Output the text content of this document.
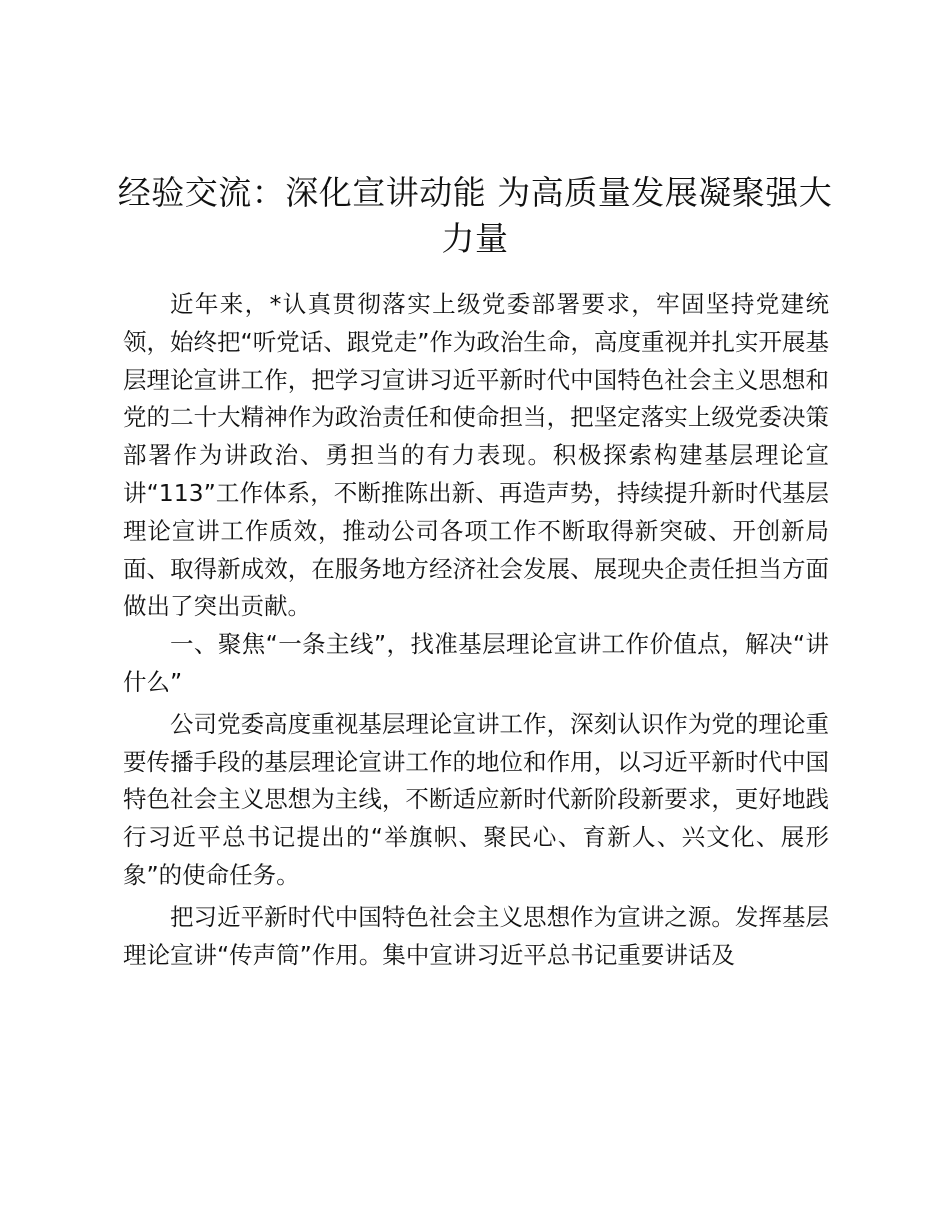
经验交流：深化宣讲动能 为高质量发展凝聚强大力量

近年来，*认真贯彻落实上级党委部署要求，牢固坚持党建统领，始终把“听党话、跟党走”作为政治生命，高度重视并扎实开展基层理论宣讲工作，把学习宣讲习近平新时代中国特色社会主义思想和党的二十大精神作为政治责任和使命担当，把坚定落实上级党委决策部署作为讲政治、勇担当的有力表现。积极探索构建基层理论宣讲“113”工作体系，不断推陈出新、再造声势，持续提升新时代基层理论宣讲工作质效，推动公司各项工作不断取得新突破、开创新局面、取得新成效，在服务地方经济社会发展、展现央企责任担当方面做出了突出贡献。

一、聚焦“一条主线”，找准基层理论宣讲工作价值点，解决“讲什么”

公司党委高度重视基层理论宣讲工作，深刻认识作为党的理论重要传播手段的基层理论宣讲工作的地位和作用，以习近平新时代中国特色社会主义思想为主线，不断适应新时代新阶段新要求，更好地践行习近平总书记提出的“举旗帜、聚民心、育新人、兴文化、展形象”的使命任务。

把习近平新时代中国特色社会主义思想作为宣讲之源。发挥基层理论宣讲“传声筒”作用。集中宣讲习近平总书记重要讲话及
